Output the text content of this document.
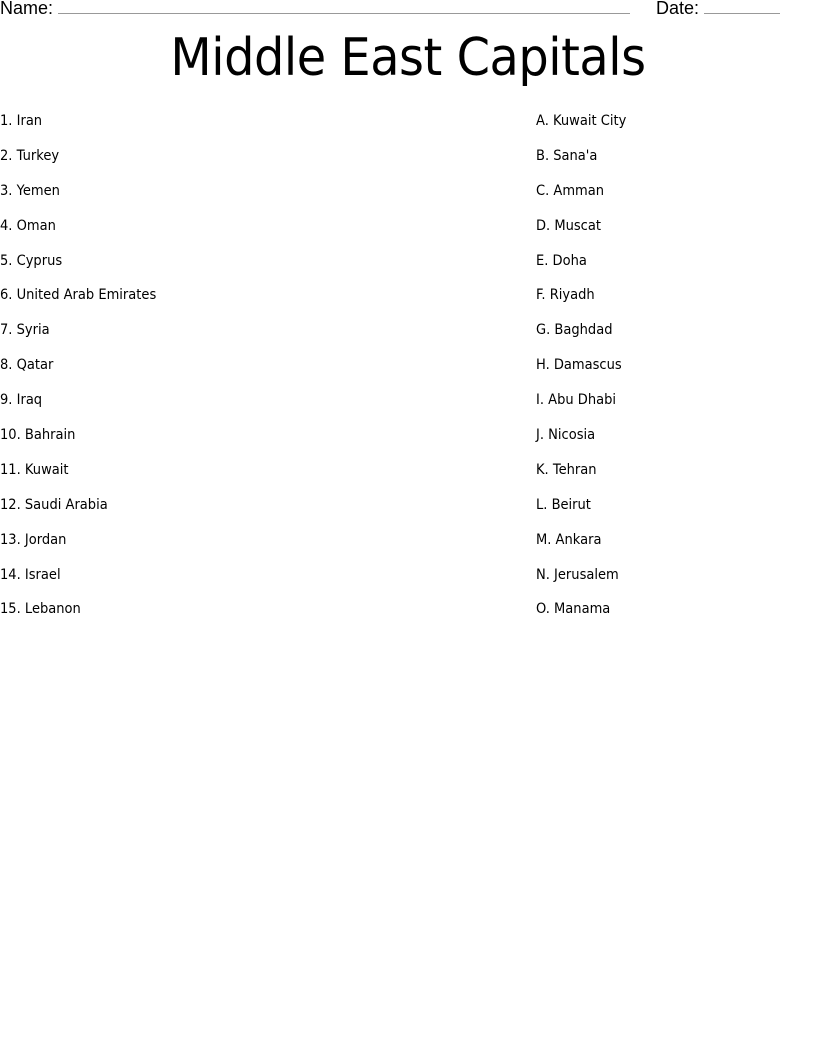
Name:	Date:
Middle East Capitals
1. Iran
2. Turkey
3. Yemen
4. Oman
5. Cyprus
6. United Arab Emirates
7. Syria
8. Qatar
9. Iraq
10. Bahrain
11. Kuwait
12. Saudi Arabia
13. Jordan
14. Israel
15. Lebanon
A. Kuwait City
B. Sana'a
C. Amman
D. Muscat
E. Doha
F. Riyadh
G. Baghdad
H. Damascus
I. Abu Dhabi
J. Nicosia
K. Tehran
L. Beirut
M. Ankara
N. Jerusalem
O. Manama
